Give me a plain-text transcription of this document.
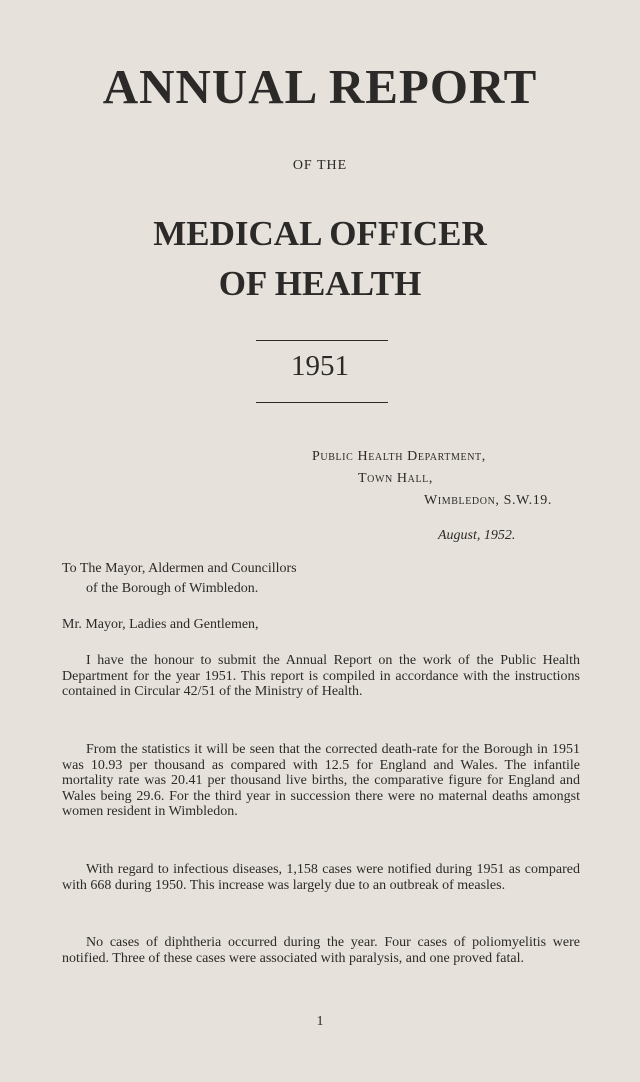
ANNUAL REPORT
OF THE
MEDICAL OFFICER
OF HEALTH
1951
Public Health Department,
Town Hall,
Wimbledon, S.W.19.
August, 1952.
To The Mayor, Aldermen and Councillors
of the Borough of Wimbledon.
Mr. Mayor, Ladies and Gentlemen,

I have the honour to submit the Annual Report on the work of the Public Health Department for the year 1951. This report is compiled in accordance with the instructions contained in Circular 42/51 of the Ministry of Health.

From the statistics it will be seen that the corrected death-rate for the Borough in 1951 was 10.93 per thousand as compared with 12.5 for England and Wales. The infantile mortality rate was 20.41 per thousand live births, the comparative figure for England and Wales being 29.6. For the third year in succession there were no maternal deaths amongst women resident in Wimbledon.

With regard to infectious diseases, 1,158 cases were notified during 1951 as compared with 668 during 1950. This increase was largely due to an outbreak of measles.

No cases of diphtheria occurred during the year. Four cases of poliomyelitis were notified. Three of these cases were associated with paralysis, and one proved fatal.

1
